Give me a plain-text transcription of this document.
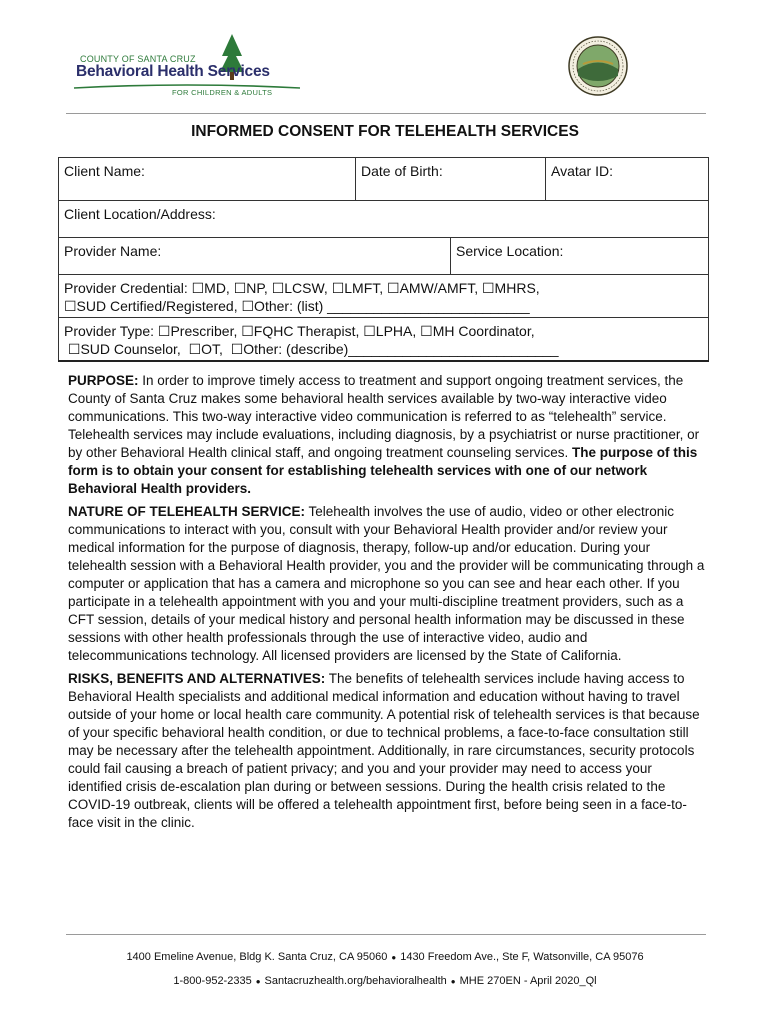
COUNTY OF SANTA CRUZ
Behavioral Health Services
FOR CHILDREN & ADULTS
INFORMED CONSENT FOR TELEHEALTH SERVICES
Client Name:	Date of Birth:		Avatar ID:
Client Location/Address:			
Provider Name:		Service Location:	

Provider Credential: ☐MD, ☐NP, ☐LCSW, ☐LMFT, ☐AMW/AMFT, ☐MHRS,
☐SUD Certified/Registered, ☐Other: (list) __________________________			

Provider Type: ☐Prescriber, ☐FQHC Therapist, ☐LPHA, ☐MH Coordinator,
☐SUD Counselor,  ☐OT,  ☐Other: (describe)___________________________			

PURPOSE: In order to improve timely access to treatment and support ongoing treatment services, the County of Santa Cruz makes some behavioral health services available by two-way interactive video communications. This two-way interactive video communication is referred to as “telehealth” service. Telehealth services may include evaluations, including diagnosis, by a psychiatrist or nurse practitioner, or by other Behavioral Health clinical staff, and ongoing treatment counseling services. The purpose of this form is to obtain your consent for establishing telehealth services with one of our network Behavioral Health providers.

NATURE OF TELEHEALTH SERVICE: Telehealth involves the use of audio, video or other electronic communications to interact with you, consult with your Behavioral Health provider and/or review your medical information for the purpose of diagnosis, therapy, follow-up and/or education. During your telehealth session with a Behavioral Health provider, you and the provider will be communicating through a computer or application that has a camera and microphone so you can see and hear each other. If you participate in a telehealth appointment with you and your multi-discipline treatment providers, such as a CFT session, details of your medical history and personal health information may be discussed in these sessions with other health professionals through the use of interactive video, audio and telecommunications technology. All licensed providers are licensed by the State of California.

RISKS, BENEFITS AND ALTERNATIVES: The benefits of telehealth services include having access to Behavioral Health specialists and additional medical information and education without having to travel outside of your home or local health care community. A potential risk of telehealth services is that because of your specific behavioral health condition, or due to technical problems, a face-to-face consultation still may be necessary after the telehealth appointment. Additionally, in rare circumstances, security protocols could fail causing a breach of patient privacy; and you and your provider may need to access your identified crisis de-escalation plan during or between sessions. During the health crisis related to the COVID-19 outbreak, clients will be offered a telehealth appointment first, before being seen in a face-to-face visit in the clinic.

1400 Emeline Avenue, Bldg K. Santa Cruz, CA 95060 ● 1430 Freedom Ave., Ste F, Watsonville, CA 95076
1-800-952-2335 ● Santacruzhealth.org/behavioralhealth ● MHE 270EN - April 2020_Ql
